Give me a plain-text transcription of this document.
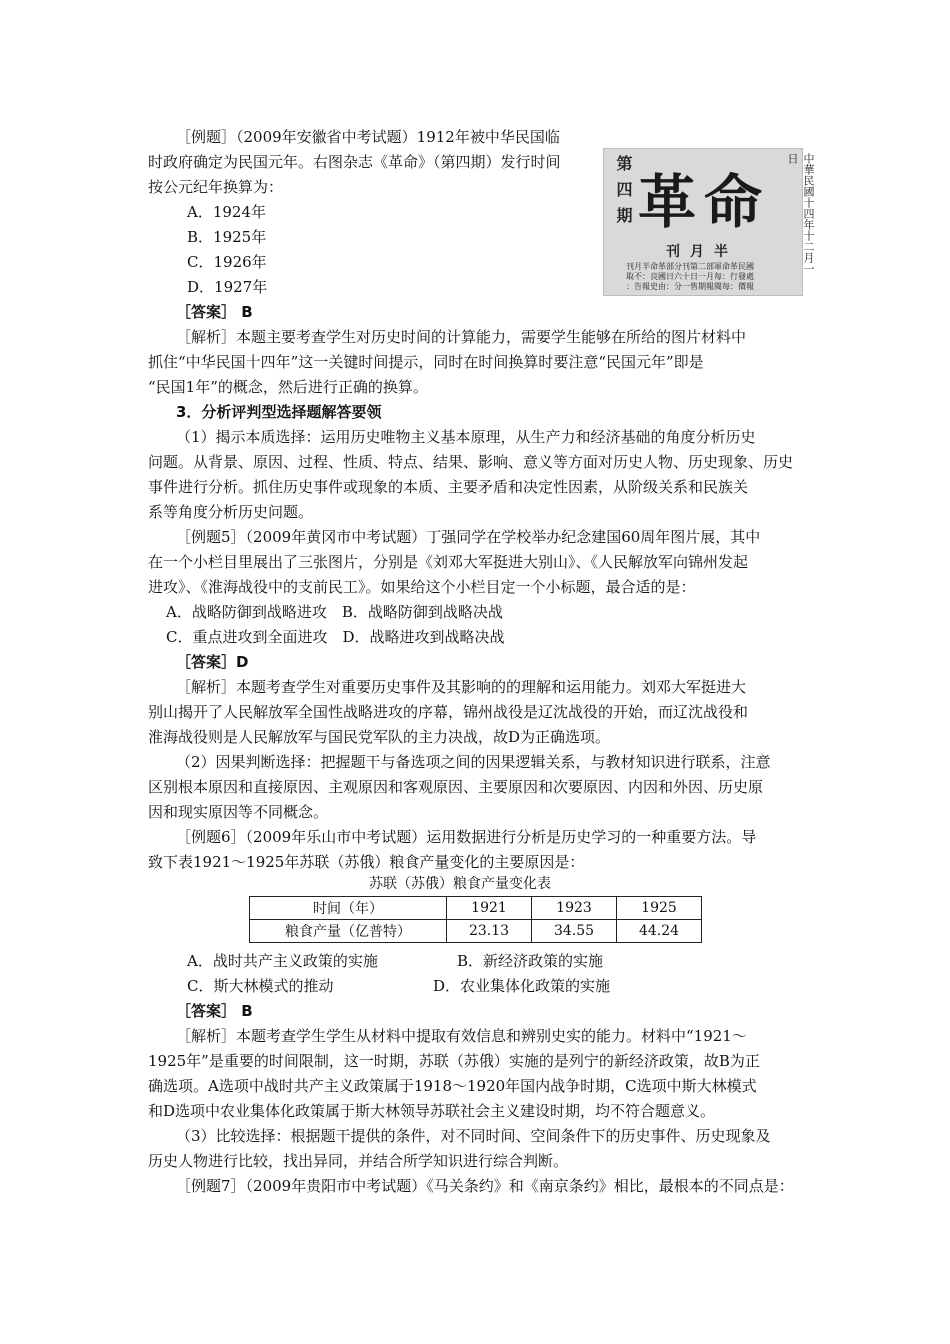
［例题］（2009年安徽省中考试题）1912年被中华民国临
时政府确定为民国元年。右图杂志《革命》（第四期）发行时间
按公元纪年换算为：
A．1924年
B．1925年
C．1926年
D．1927年
［答案］ B
［解析］本题主要考查学生对历史时间的计算能力，需要学生能够在所给的图片材料中
抓住“中华民国十四年”这一关键时间提示，同时在时间换算时要注意“民国元年”即是
“民国1年”的概念，然后进行正确的换算。
第四期 革命	中華民國十四年十二月一日
刊月半
刊月半命革部分刊第二部軍命革民國
取不：良國日六十日一月每：行發處
：告報史由：分一售期報閱每：價報
3．分析评判型选择题解答要领
（1）揭示本质选择：运用历史唯物主义基本原理，从生产力和经济基础的角度分析历史
问题。从背景、原因、过程、性质、特点、结果、影响、意义等方面对历史人物、历史现象、历史
事件进行分析。抓住历史事件或现象的本质、主要矛盾和决定性因素，从阶级关系和民族关
系等角度分析历史问题。
［例题5］（2009年黄冈市中考试题）丁强同学在学校举办纪念建国60周年图片展，其中
在一个小栏目里展出了三张图片，分别是《刘邓大军挺进大别山》、《人民解放军向锦州发起
进攻》、《淮海战役中的支前民工》。如果给这个小栏目定一个小标题，最合适的是：
A．战略防御到战略进攻　B．战略防御到战略决战
C．重点进攻到全面进攻　D．战略进攻到战略决战
［答案］D
［解析］本题考查学生对重要历史事件及其影响的的理解和运用能力。刘邓大军挺进大
别山揭开了人民解放军全国性战略进攻的序幕，锦州战役是辽沈战役的开始，而辽沈战役和
淮海战役则是人民解放军与国民党军队的主力决战，故D为正确选项。
（2）因果判断选择：把握题干与备选项之间的因果逻辑关系，与教材知识进行联系，注意
区别根本原因和直接原因、主观原因和客观原因、主要原因和次要原因、内因和外因、历史原
因和现实原因等不同概念。
［例题6］（2009年乐山市中考试题）运用数据进行分析是历史学习的一种重要方法。导
致下表1921～1925年苏联（苏俄）粮食产量变化的主要原因是：
苏联（苏俄）粮食产量变化表
时间（年）	1921	1923	1925
粮食产量（亿普特）	23.13	34.55	44.24
A．战时共产主义政策的实施	B．新经济政策的实施
C．斯大林模式的推动	D．农业集体化政策的实施
［答案］ B
［解析］本题考查学生学生从材料中提取有效信息和辨别史实的能力。材料中“1921～
1925年”是重要的时间限制，这一时期，苏联（苏俄）实施的是列宁的新经济政策，故B为正
确选项。A选项中战时共产主义政策属于1918～1920年国内战争时期，C选项中斯大林模式
和D选项中农业集体化政策属于斯大林领导苏联社会主义建设时期，均不符合题意义。
（3）比较选择：根据题干提供的条件，对不同时间、空间条件下的历史事件、历史现象及
历史人物进行比较，找出异同，并结合所学知识进行综合判断。
［例题7］（2009年贵阳市中考试题）《马关条约》和《南京条约》相比，最根本的不同点是：
